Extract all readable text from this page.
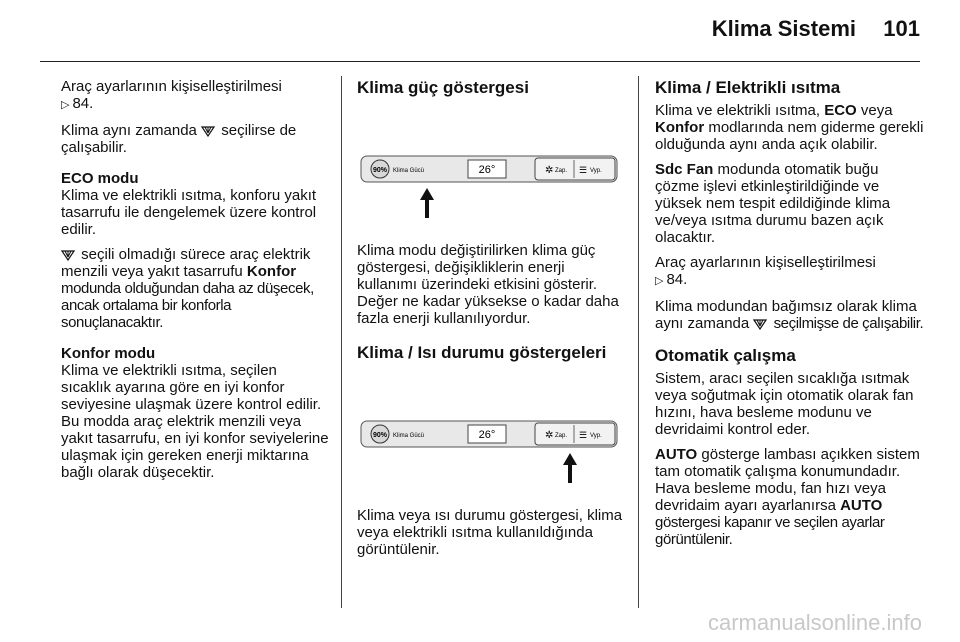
Klima Sistemi 101

Araç ayarlarının kişiselleştirilmesi
▷ 84.

Klima aynı zamanda seçilirse de çalışabilir.

ECO modu

Klima ve elektrikli ısıtma, konforu yakıt tasarrufu ile dengelemek üzere kontrol edilir.

seçili olmadığı sürece araç elektrik menzili veya yakıt tasarrufu Konfor modunda olduğundan daha az düşecek, ancak ortalama bir konforla sonuçlanacaktır.

Konfor modu

Klima ve elektrikli ısıtma, seçilen sıcaklık ayarına göre en iyi konfor seviyesine ulaşmak üzere kontrol edilir. Bu modda araç elektrik menzili veya yakıt tasarrufu, en iyi konfor seviyelerine ulaşmak için gereken enerji miktarına bağlı olarak düşecektir.

Klima güç göstergesi
90% Klima Gücü	26°	✲ Zap. ☰ Vyp.

Klima modu değiştirilirken klima güç göstergesi, değişikliklerin enerji kullanımı üzerindeki etkisini gösterir. Değer ne kadar yüksekse o kadar daha fazla enerji kullanılıyordur.

Klima / Isı durumu göstergeleri
90% Klima Gücü	26°	✲ Zap. ☰ Vyp.

Klima veya ısı durumu göstergesi, klima veya elektrikli ısıtma kullanıldığında görüntülenir.

Klima / Elektrikli ısıtma

Klima ve elektrikli ısıtma, ECO veya Konfor modlarında nem giderme gerekli olduğunda aynı anda açık olabilir.

Sdc Fan modunda otomatik buğu çözme işlevi etkinleştirildiğinde ve yüksek nem tespit edildiğinde klima ve/veya ısıtma durumu bazen açık olacaktır.

Araç ayarlarının kişiselleştirilmesi
▷ 84.

Klima modundan bağımsız olarak klima aynı zamanda seçilmişse de çalışabilir.

Otomatik çalışma

Sistem, aracı seçilen sıcaklığa ısıtmak veya soğutmak için otomatik olarak fan hızını, hava besleme modunu ve devridaimi kontrol eder.

AUTO gösterge lambası açıkken sistem tam otomatik çalışma konumundadır. Hava besleme modu, fan hızı veya devridaim ayarı ayarlanırsa AUTO göstergesi kapanır ve seçilen ayarlar görüntülenir.

carmanualsonline.info
